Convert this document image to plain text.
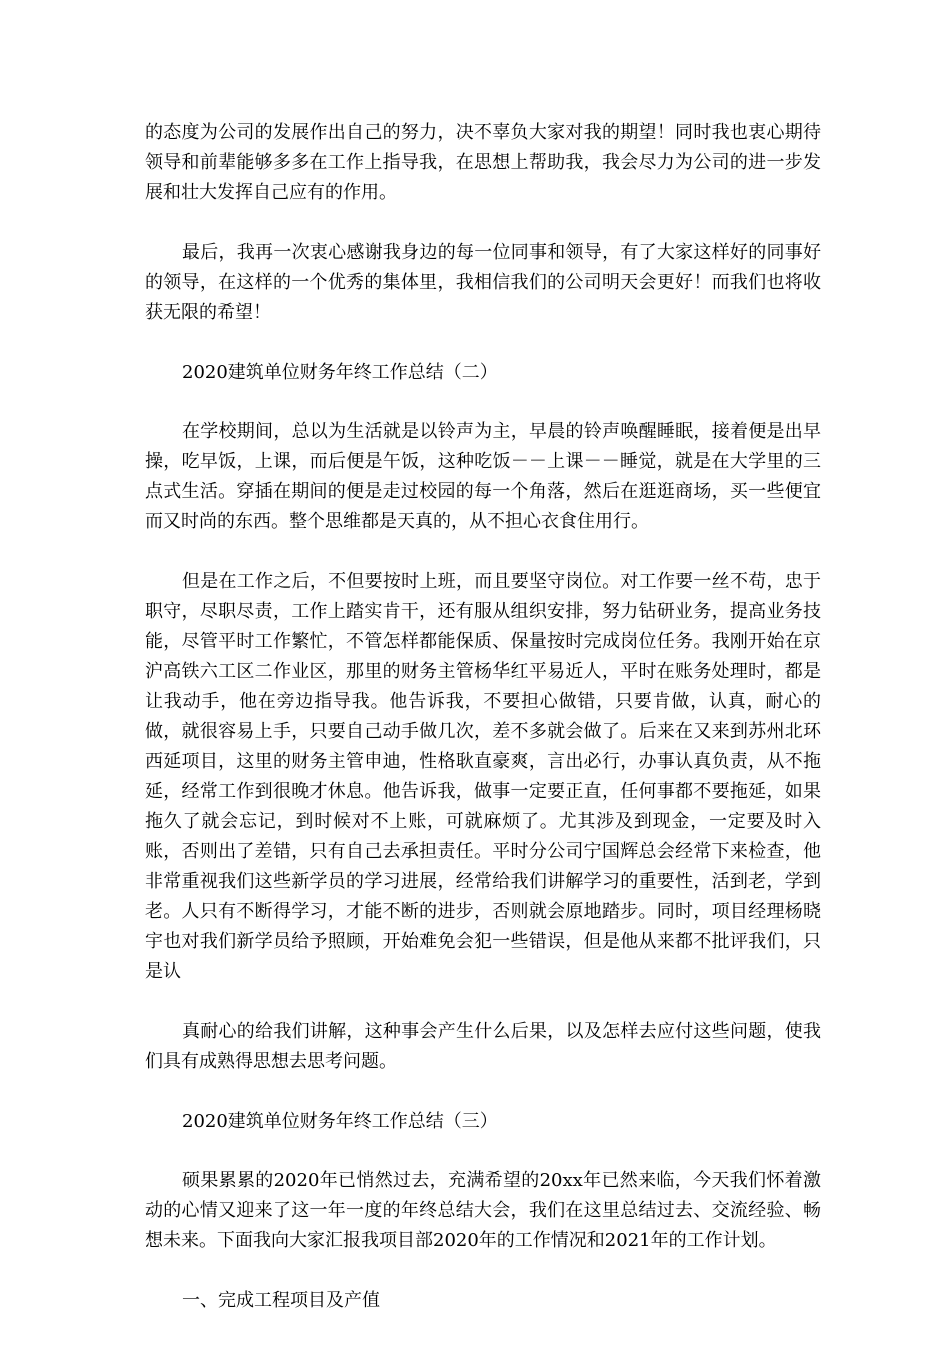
的态度为公司的发展作出自己的努力，决不辜负大家对我的期望！同时我也衷心期待领导和前辈能够多多在工作上指导我，在思想上帮助我，我会尽力为公司的进一步发展和壮大发挥自己应有的作用。

最后，我再一次衷心感谢我身边的每一位同事和领导，有了大家这样好的同事好的领导，在这样的一个优秀的集体里，我相信我们的公司明天会更好！而我们也将收获无限的希望！

2020建筑单位财务年终工作总结（二）

在学校期间，总以为生活就是以铃声为主，早晨的铃声唤醒睡眠，接着便是出早操，吃早饭，上课，而后便是午饭，这种吃饭－－上课－－睡觉，就是在大学里的三点式生活。穿插在期间的便是走过校园的每一个角落，然后在逛逛商场，买一些便宜而又时尚的东西。整个思维都是天真的，从不担心衣食住用行。

但是在工作之后，不但要按时上班，而且要坚守岗位。对工作要一丝不苟，忠于职守，尽职尽责，工作上踏实肯干，还有服从组织安排，努力钻研业务，提高业务技能，尽管平时工作繁忙，不管怎样都能保质、保量按时完成岗位任务。我刚开始在京沪高铁六工区二作业区，那里的财务主管杨华红平易近人，平时在账务处理时，都是让我动手，他在旁边指导我。他告诉我，不要担心做错，只要肯做，认真，耐心的做，就很容易上手，只要自己动手做几次，差不多就会做了。后来在又来到苏州北环西延项目，这里的财务主管申迪，性格耿直豪爽，言出必行，办事认真负责，从不拖延，经常工作到很晚才休息。他告诉我，做事一定要正直，任何事都不要拖延，如果拖久了就会忘记，到时候对不上账，可就麻烦了。尤其涉及到现金，一定要及时入账，否则出了差错，只有自己去承担责任。平时分公司宁国辉总会经常下来检查，他非常重视我们这些新学员的学习进展，经常给我们讲解学习的重要性，活到老，学到老。人只有不断得学习，才能不断的进步，否则就会原地踏步。同时，项目经理杨晓宇也对我们新学员给予照顾，开始难免会犯一些错误，但是他从来都不批评我们，只是认

真耐心的给我们讲解，这种事会产生什么后果，以及怎样去应付这些问题，使我们具有成熟得思想去思考问题。

2020建筑单位财务年终工作总结（三）

硕果累累的2020年已悄然过去，充满希望的20xx年已然来临，今天我们怀着激动的心情又迎来了这一年一度的年终总结大会，我们在这里总结过去、交流经验、畅想未来。下面我向大家汇报我项目部2020年的工作情况和2021年的工作计划。

一、完成工程项目及产值
